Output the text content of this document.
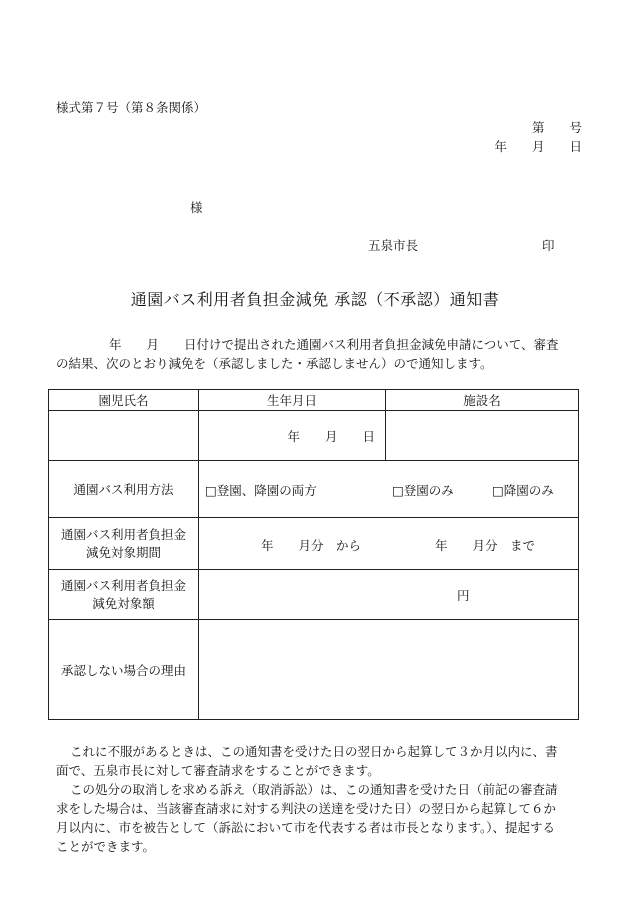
様式第７号（第８条関係）
第　　号
年　　月　　日
様
五泉市長	印
通園バス利用者負担金減免 承認（不承認）通知書
年　　月　　日付けで提出された通園バス利用者負担金減免申請について、審査
の結果、次のとおり減免を（承認しました・承認しません）ので通知します。
園児氏名	生年月日	施設名
	年　　月　　日	
通園バス利用方法	□登園、降園の両方 □登園のみ □降園のみ	

通園バス利用者負担金
減免対象期間	年　　月分　から 年　　月分　まで	

通園バス利用者負担金
減免対象額	円	

承認しない場合の理由		

これに不服があるときは、この通知書を受けた日の翌日から起算して３か月以内に、書

面で、五泉市長に対して審査請求をすることができます。

この処分の取消しを求める訴え（取消訴訟）は、この通知書を受けた日（前記の審査請

求をした場合は、当該審査請求に対する判決の送達を受けた日）の翌日から起算して６か

月以内に、市を被告として（訴訟において市を代表する者は市長となります。）、提起する

ことができます。
